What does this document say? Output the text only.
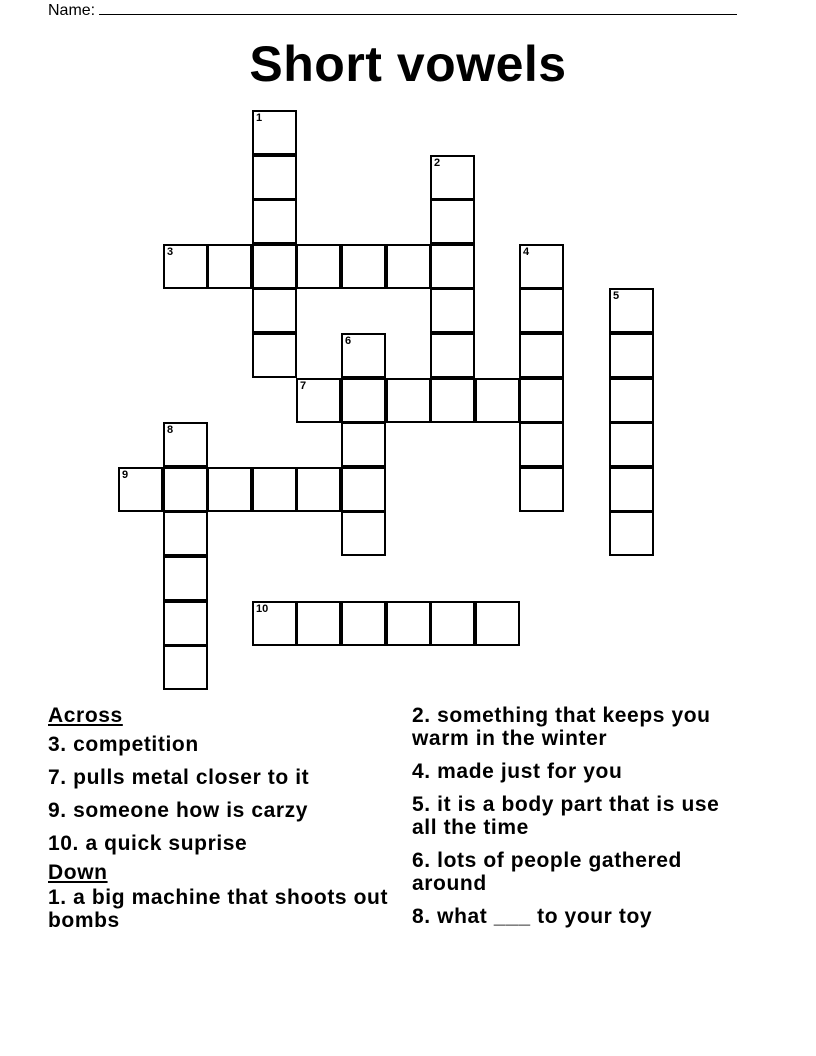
Name:
Short vowels
3
7
9
10
1
2
4
5
6
8
Across
3. competition
7. pulls metal closer to it
9. someone how is carzy
10. a quick suprise
Down
1. a big machine that shoots out bombs
2. something that keeps you warm in the winter
4. made just for you
5. it is a body part that is use all the time
6. lots of people gathered around
8. what ___ to your toy
